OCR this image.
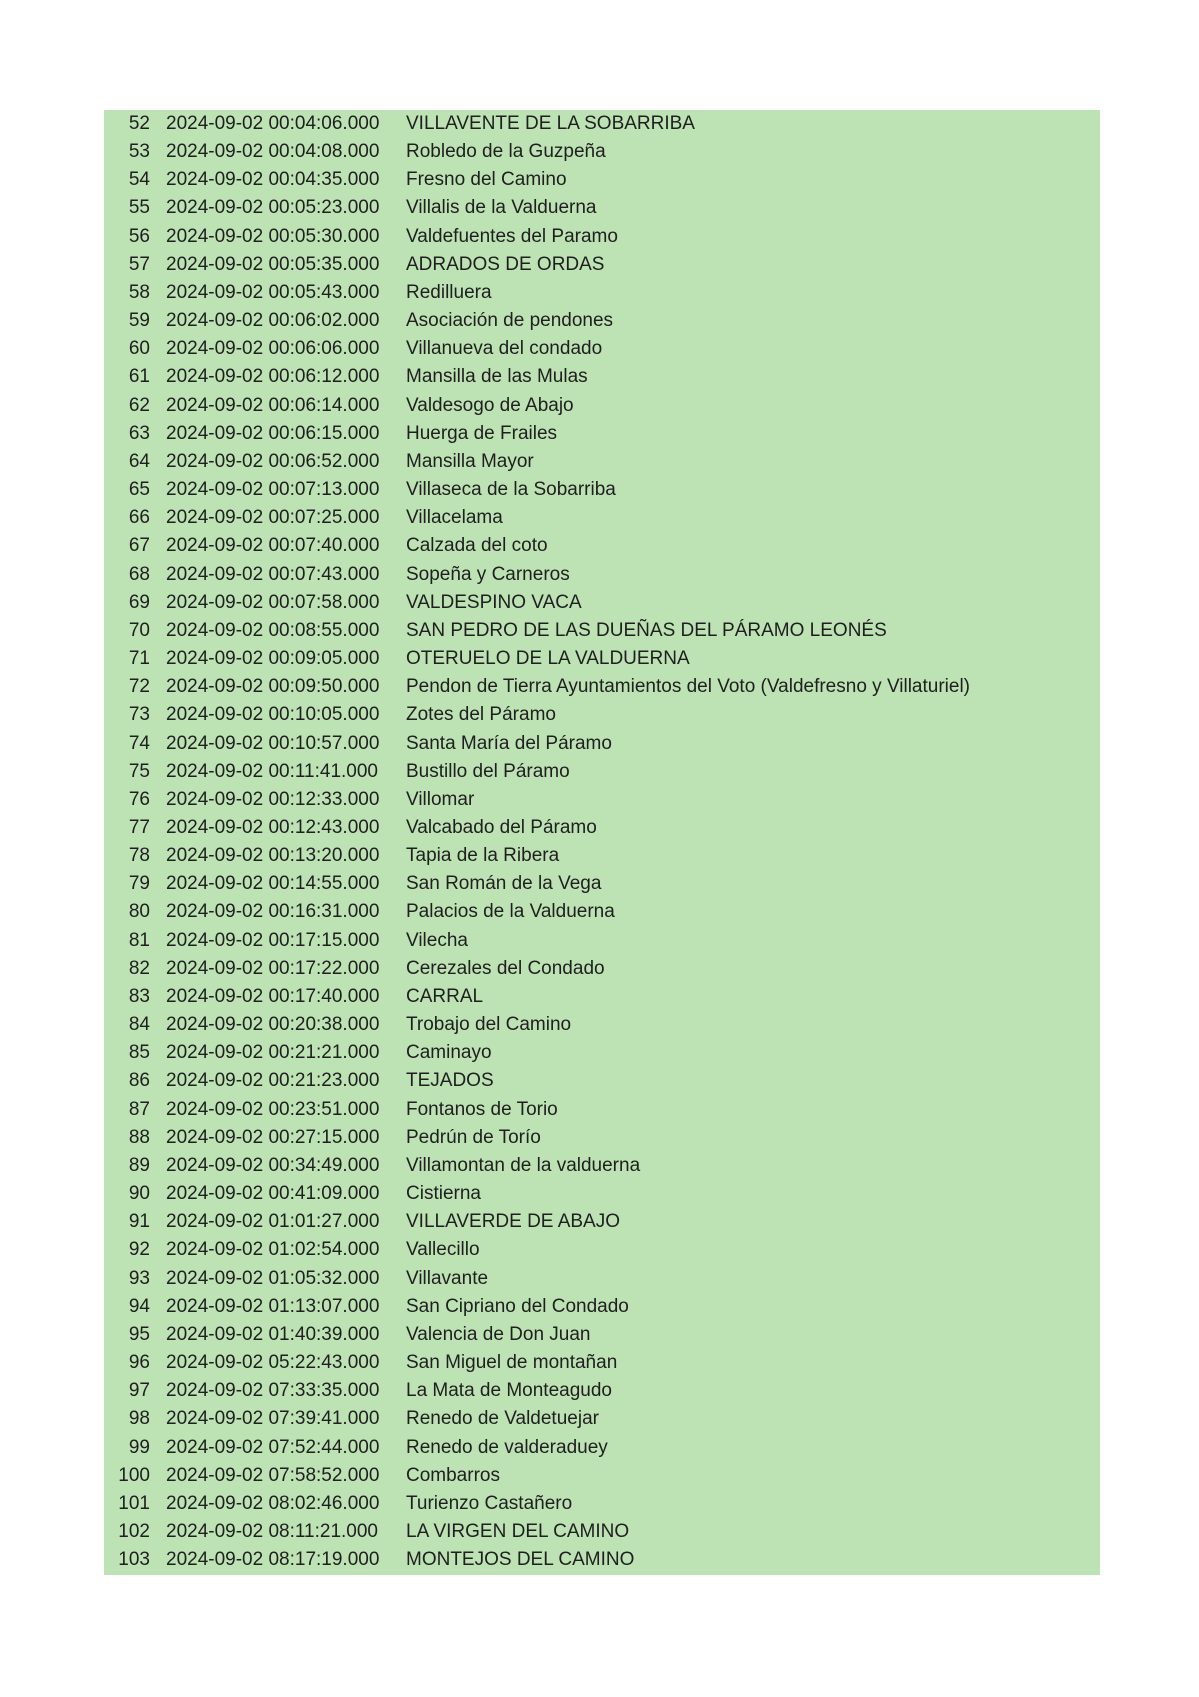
52 2024-09-02 00:04:06.000 VILLAVENTE DE LA SOBARRIBA
53 2024-09-02 00:04:08.000 Robledo de la Guzpeña
54 2024-09-02 00:04:35.000 Fresno del Camino
55 2024-09-02 00:05:23.000 Villalis de la Valduerna
56 2024-09-02 00:05:30.000 Valdefuentes del Paramo
57 2024-09-02 00:05:35.000 ADRADOS DE ORDAS
58 2024-09-02 00:05:43.000 Redilluera
59 2024-09-02 00:06:02.000 Asociación de pendones
60 2024-09-02 00:06:06.000 Villanueva del condado
61 2024-09-02 00:06:12.000 Mansilla de las Mulas
62 2024-09-02 00:06:14.000 Valdesogo de Abajo
63 2024-09-02 00:06:15.000 Huerga de Frailes
64 2024-09-02 00:06:52.000 Mansilla Mayor
65 2024-09-02 00:07:13.000 Villaseca de la Sobarriba
66 2024-09-02 00:07:25.000 Villacelama
67 2024-09-02 00:07:40.000 Calzada del coto
68 2024-09-02 00:07:43.000 Sopeña y Carneros
69 2024-09-02 00:07:58.000 VALDESPINO VACA
70 2024-09-02 00:08:55.000 SAN PEDRO DE LAS DUEÑAS DEL PÁRAMO LEONÉS
71 2024-09-02 00:09:05.000 OTERUELO DE LA VALDUERNA
72 2024-09-02 00:09:50.000 Pendon de Tierra Ayuntamientos del Voto (Valdefresno y Villaturiel)
73 2024-09-02 00:10:05.000 Zotes del Páramo
74 2024-09-02 00:10:57.000 Santa María del Páramo
75 2024-09-02 00:11:41.000 Bustillo del Páramo
76 2024-09-02 00:12:33.000 Villomar
77 2024-09-02 00:12:43.000 Valcabado del Páramo
78 2024-09-02 00:13:20.000 Tapia de la Ribera
79 2024-09-02 00:14:55.000 San Román de la Vega
80 2024-09-02 00:16:31.000 Palacios de la Valduerna
81 2024-09-02 00:17:15.000 Vilecha
82 2024-09-02 00:17:22.000 Cerezales del Condado
83 2024-09-02 00:17:40.000 CARRAL
84 2024-09-02 00:20:38.000 Trobajo del Camino
85 2024-09-02 00:21:21.000 Caminayo
86 2024-09-02 00:21:23.000 TEJADOS
87 2024-09-02 00:23:51.000 Fontanos de Torio
88 2024-09-02 00:27:15.000 Pedrún de Torío
89 2024-09-02 00:34:49.000 Villamontan de la valduerna
90 2024-09-02 00:41:09.000 Cistierna
91 2024-09-02 01:01:27.000 VILLAVERDE DE ABAJO
92 2024-09-02 01:02:54.000 Vallecillo
93 2024-09-02 01:05:32.000 Villavante
94 2024-09-02 01:13:07.000 San Cipriano del Condado
95 2024-09-02 01:40:39.000 Valencia de Don Juan
96 2024-09-02 05:22:43.000 San Miguel de montañan
97 2024-09-02 07:33:35.000 La Mata de Monteagudo
98 2024-09-02 07:39:41.000 Renedo de Valdetuejar
99 2024-09-02 07:52:44.000 Renedo de valderaduey
100 2024-09-02 07:58:52.000 Combarros
101 2024-09-02 08:02:46.000 Turienzo Castañero
102 2024-09-02 08:11:21.000 LA VIRGEN DEL CAMINO
103 2024-09-02 08:17:19.000 MONTEJOS DEL CAMINO
